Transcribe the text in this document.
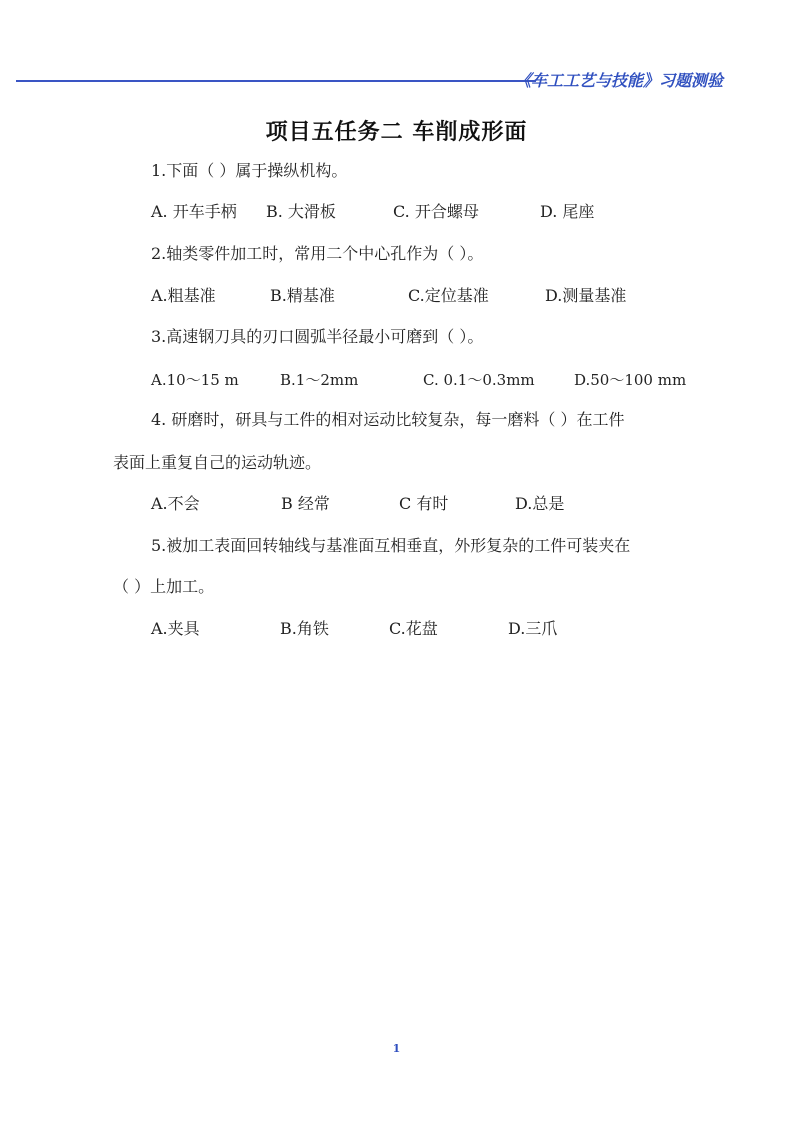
《车工工艺与技能》习题测验
项目五任务二 车削成形面
1.下面（ ）属于操纵机构。
A. 开车手柄 B. 大滑板	C. 开合螺母	D. 尾座
2.轴类零件加工时，常用二个中心孔作为（ ）。
A.粗基准	B.精基准	C.定位基准	D.测量基准
3.高速钢刀具的刃口圆弧半径最小可磨到（ ）。
A.10～15 m	B.1～2mm	C. 0.1～0.3mm	D.50～100 mm
4. 研磨时，研具与工件的相对运动比较复杂，每一磨料（ ）在工件
表面上重复自己的运动轨迹。
A.不会	B 经常	C 有时	D.总是
5.被加工表面回转轴线与基准面互相垂直，外形复杂的工件可装夹在
（ ）上加工。
A.夹具	B.角铁	C.花盘	D.三爪
1
